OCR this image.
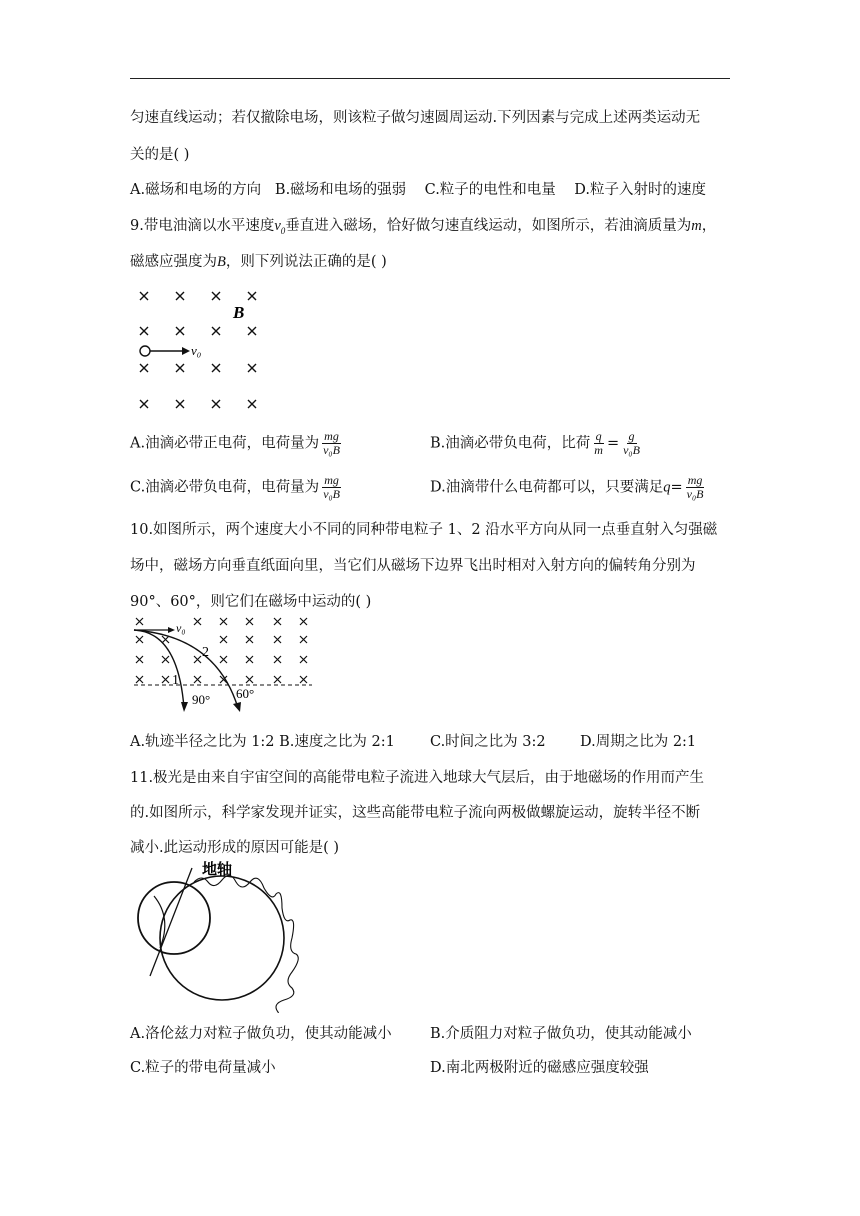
匀速直线运动；若仅撤除电场，则该粒子做匀速圆周运动.下列因素与完成上述两类运动无
关的是( )
A.磁场和电场的方向 B.磁场和电场的强弱 C.粒子的电性和电量 D.粒子入射时的速度
9.带电油滴以水平速度$v_0$垂直进入磁场，恰好做匀速直线运动，如图所示，若油滴质量为m，
磁感应强度为B，则下列说法正确的是( )
B
v₀
A.油滴必带正电荷，电荷量为 $\frac{mg}{\text{v₀B}}$	B.油滴必带负电荷，比荷 $\frac{q}{m} = \frac{g}{\text{v₀B}}$
C.油滴必带负电荷，电荷量为 $\frac{mg}{\text{v₀B}}$	D.油滴带什么电荷都可以，只要满足$q= \frac{mg}{\text{v₀B}}$
10.如图所示，两个速度大小不同的同种带电粒子 1、2 沿水平方向从同一点垂直射入匀强磁
场中，磁场方向垂直纸面向里，当它们从磁场下边界飞出时相对入射方向的偏转角分别为
90°、60°，则它们在磁场中运动的( )
v₀
2
1
90° 60°
A.轨迹半径之比为 1:2 B.速度之比为 2:1 C.时间之比为 3:2 D.周期之比为 2:1
11.极光是由来自宇宙空间的高能带电粒子流进入地球大气层后，由于地磁场的作用而产生
的.如图所示，科学家发现并证实，这些高能带电粒子流向两极做螺旋运动，旋转半径不断
减小.此运动形成的原因可能是( )
地轴
A.洛伦兹力对粒子做负功，使其动能减小	B.介质阻力对粒子做负功，使其动能减小
C.粒子的带电荷量减小	D.南北两极附近的磁感应强度较强
